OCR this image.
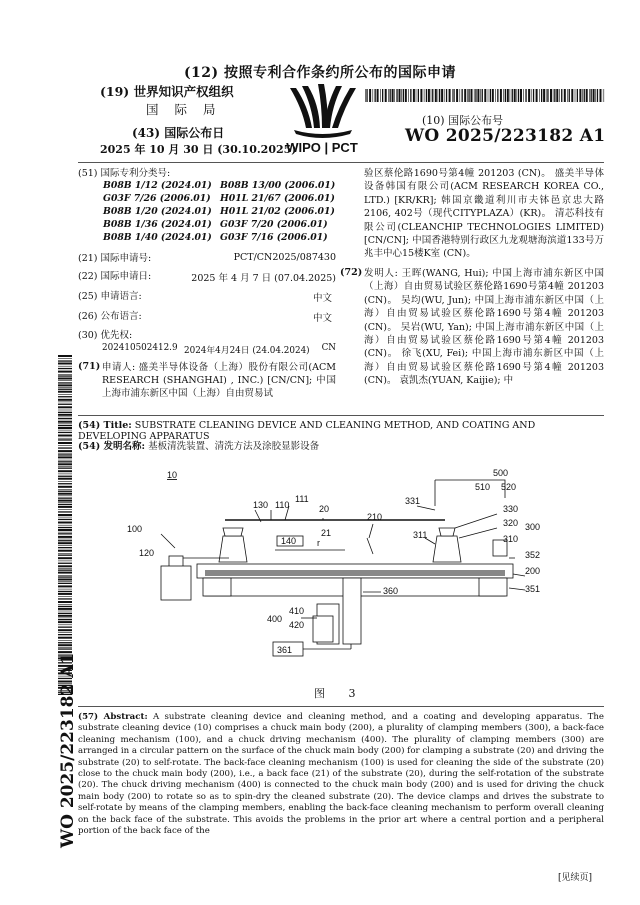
(12) 按照专利合作条约所公布的国际申请
(19) 世界知识产权组织
国 际 局
(43) 国际公布日
2025 年 10 月 30 日 (30.10.2025)
WIPO | PCT
(10) 国际公布号
WO 2025/223182 A1
(51) 国际专利分类号:
B08B 1/12 (2024.01)
G03F 7/26 (2006.01)
B08B 1/20 (2024.01)
B08B 1/36 (2024.01)
B08B 1/40 (2024.01)
B08B 13/00 (2006.01)
H01L 21/67 (2006.01)
H01L 21/02 (2006.01)
G03F 7/20 (2006.01)
G03F 7/16 (2006.01)
(21) 国际申请号:	PCT/CN2025/087430
(22) 国际申请日:	2025 年 4 月 7 日 (07.04.2025)
(25) 申请语言:	中文
(26) 公布语言:	中文
(30) 优先权:
202410502412.9 2024年4月24日 (24.04.2024) CN
(71) 申请人: 盛美半导体设备（上海）股份有限公司(ACM RESEARCH (SHANGHAI) , INC.) [CN/CN]; 中国上海市浦东新区中国（上海）自由贸易试
验区蔡伦路1690号第4幢 201203 (CN)。 盛美半导体设备韩国有限公司(ACM RESEARCH KOREA CO., LTD.) [KR/KR]; 韩国京畿道利川市夫钵邑京忠大路2106, 402号（现代CITYPLAZA）(KR)。 清芯科技有限公司(CLEANCHIP TECHNOLOGIES LIMITED) [CN/CN]; 中国香港特别行政区九龙观塘海滨道133号万兆丰中心15楼K室 (CN)。
(72) 发明人: 王晖(WANG, Hui); 中国上海市浦东新区中国（上海）自由贸易试验区蔡伦路1690号第4幢 201203 (CN)。 吴均(WU, Jun); 中国上海市浦东新区中国（上海）自由贸易试验区蔡伦路1690号第4幢 201203 (CN)。 吴岩(WU, Yan); 中国上海市浦东新区中国（上海）自由贸易试验区蔡伦路1690号第4幢 201203 (CN)。 徐飞(XU, Fei); 中国上海市浦东新区中国（上海）自由贸易试验区蔡伦路1690号第4幢 201203 (CN)。 袁凯杰(YUAN, Kaijie); 中
WO 2025/223182 A1
(54) Title: SUBSTRATE CLEANING DEVICE AND CLEANING METHOD, AND COATING AND DEVELOPING APPARATUS
(54) 发明名称: 基板清洗装置、清洗方法及涂胶显影设备
10
100
120
130 110
111
140 r
20
21
210
331
500
510 520
330
320 300
311	310
352
200
351
360
410
420
400
361
图 3
(57) Abstract: A substrate cleaning device and cleaning method, and a coating and developing apparatus. The substrate cleaning device (10) comprises a chuck main body (200), a plurality of clamping members (300), a back-face cleaning mechanism (100), and a chuck driving mechanism (400). The plurality of clamping members (300) are arranged in a circular pattern on the surface of the chuck main body (200) for clamping a substrate (20) and driving the substrate (20) to self-rotate. The back-face cleaning mechanism (100) is used for cleaning the side of the substrate (20) close to the chuck main body (200), i.e., a back face (21) of the substrate (20), during the self-rotation of the substrate (20). The chuck driving mechanism (400) is connected to the chuck main body (200) and is used for driving the chuck main body (200) to rotate so as to spin-dry the cleaned substrate (20). The device clamps and drives the substrate to self-rotate by means of the clamping members, enabling the back-face cleaning mechanism to perform overall cleaning on the back face of the substrate. This avoids the problems in the prior art where a central portion and a peripheral portion of the back face of the
[见续页]
